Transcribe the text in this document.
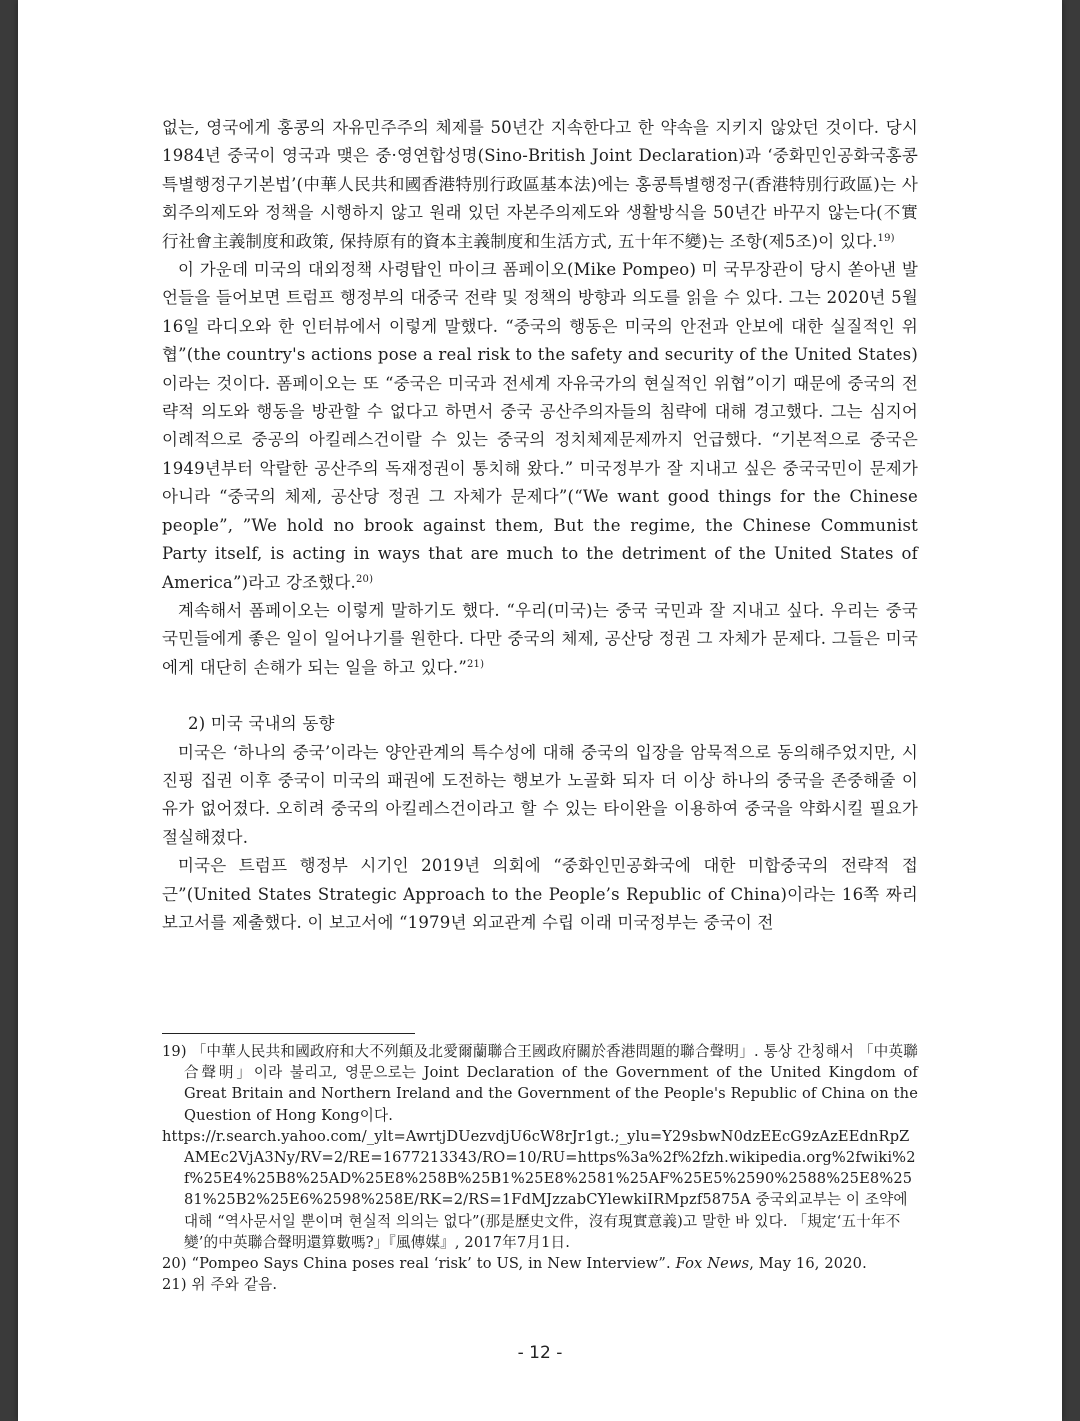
없는, 영국에게 홍콩의 자유민주주의 체제를 50년간 지속한다고 한 약속을 지키지 않았던 것이다. 당시 1984년 중국이 영국과 맺은 중·영연합성명(Sino-British Joint Declaration)과 ‘중화민인공화국홍콩특별행정구기본법’(中華人民共和國香港特別行政區基本法)에는 홍콩특별행정구(香港特別行政區)는 사회주의제도와 정책을 시행하지 않고 원래 있던 자본주의제도와 생활방식을 50년간 바꾸지 않는다(不實行社會主義制度和政策, 保持原有的資本主義制度和生活方式, 五十年不變)는 조항(제5조)이 있다.$^{19)}$

이 가운데 미국의 대외정책 사령탑인 마이크 폼페이오(Mike Pompeo) 미 국무장관이 당시 쏟아낸 발언들을 들어보면 트럼프 행정부의 대중국 전략 및 정책의 방향과 의도를 읽을 수 있다. 그는 2020년 5월 16일 라디오와 한 인터뷰에서 이렇게 말했다. “중국의 행동은 미국의 안전과 안보에 대한 실질적인 위협”(the country's actions pose a real risk to the safety and security of the United States)이라는 것이다. 폼페이오는 또 “중국은 미국과 전세계 자유국가의 현실적인 위협”이기 때문에 중국의 전략적 의도와 행동을 방관할 수 없다고 하면서 중국 공산주의자들의 침략에 대해 경고했다. 그는 심지어 이례적으로 중공의 아킬레스건이랄 수 있는 중국의 정치체제문제까지 언급했다. “기본적으로 중국은 1949년부터 악랄한 공산주의 독재정권이 통치해 왔다.” 미국정부가 잘 지내고 싶은 중국국민이 문제가 아니라 “중국의 체제, 공산당 정권 그 자체가 문제다”(“We want good things for the Chinese people”, ”We hold no brook against them, But the regime, the Chinese Communist Party itself, is acting in ways that are much to the detriment of the United States of America”)라고 강조했다.$^{20)}$

계속해서 폼페이오는 이렇게 말하기도 했다. “우리(미국)는 중국 국민과 잘 지내고 싶다. 우리는 중국 국민들에게 좋은 일이 일어나기를 원한다. 다만 중국의 체제, 공산당 정권 그 자체가 문제다. 그들은 미국에게 대단히 손해가 되는 일을 하고 있다.”$^{21)}$

2) 미국 국내의 동향

미국은 ‘하나의 중국’이라는 양안관계의 특수성에 대해 중국의 입장을 암묵적으로 동의해주었지만, 시진핑 집권 이후 중국이 미국의 패권에 도전하는 행보가 노골화 되자 더 이상 하나의 중국을 존중해줄 이유가 없어졌다. 오히려 중국의 아킬레스건이라고 할 수 있는 타이완을 이용하여 중국을 약화시킬 필요가 절실해졌다.

미국은 트럼프 행정부 시기인 2019년 의회에 “중화인민공화국에 대한 미합중국의 전략적 접근”(United States Strategic Approach to the People’s Republic of China)이라는 16쪽 짜리 보고서를 제출했다. 이 보고서에 “1979년 외교관계 수립 이래 미국정부는 중국이 전

19) 「中華人民共和國政府和大不列顛及北愛爾蘭聯合王國政府關於香港問題的聯合聲明」. 통상 간칭해서 「中英聯合聲明」이라 불리고, 영문으로는 Joint Declaration of the Government of the United Kingdom of Great Britain and Northern Ireland and the Government of the People's Republic of China on the Question of Hong Kong이다.

https://r.search.yahoo.com/_ylt=AwrtjDUezvdjU6cW8rJr1gt.;_ylu=Y29sbwN0dzEEcG9zAzEEdnRpZAMEc2VjA3Ny/RV=2/RE=1677213343/RO=10/RU=https%3a%2f%2fzh.wikipedia.org%2fwiki%2f%25E4%25B8%25AD%25E8%258B%25B1%25E8%2581%25AF%25E5%2590%2588%25E8%2581%25B2%25E6%2598%258E/RK=2/RS=1FdMJzzabCYlewkiIRMpzf5875A 중국외교부는 이 조약에 대해 “역사문서일 뿐이며 현실적 의의는 없다”(那是歷史文件，沒有現實意義)고 말한 바 있다. 「規定‘五十年不變’的中英聯合聲明還算數嗎?」『風傳媒』, 2017年7月1日.

20) “Pompeo Says China poses real ‘risk’ to US, in New Interview”. Fox News, May 16, 2020.

21) 위 주와 같음.

- 12 -
